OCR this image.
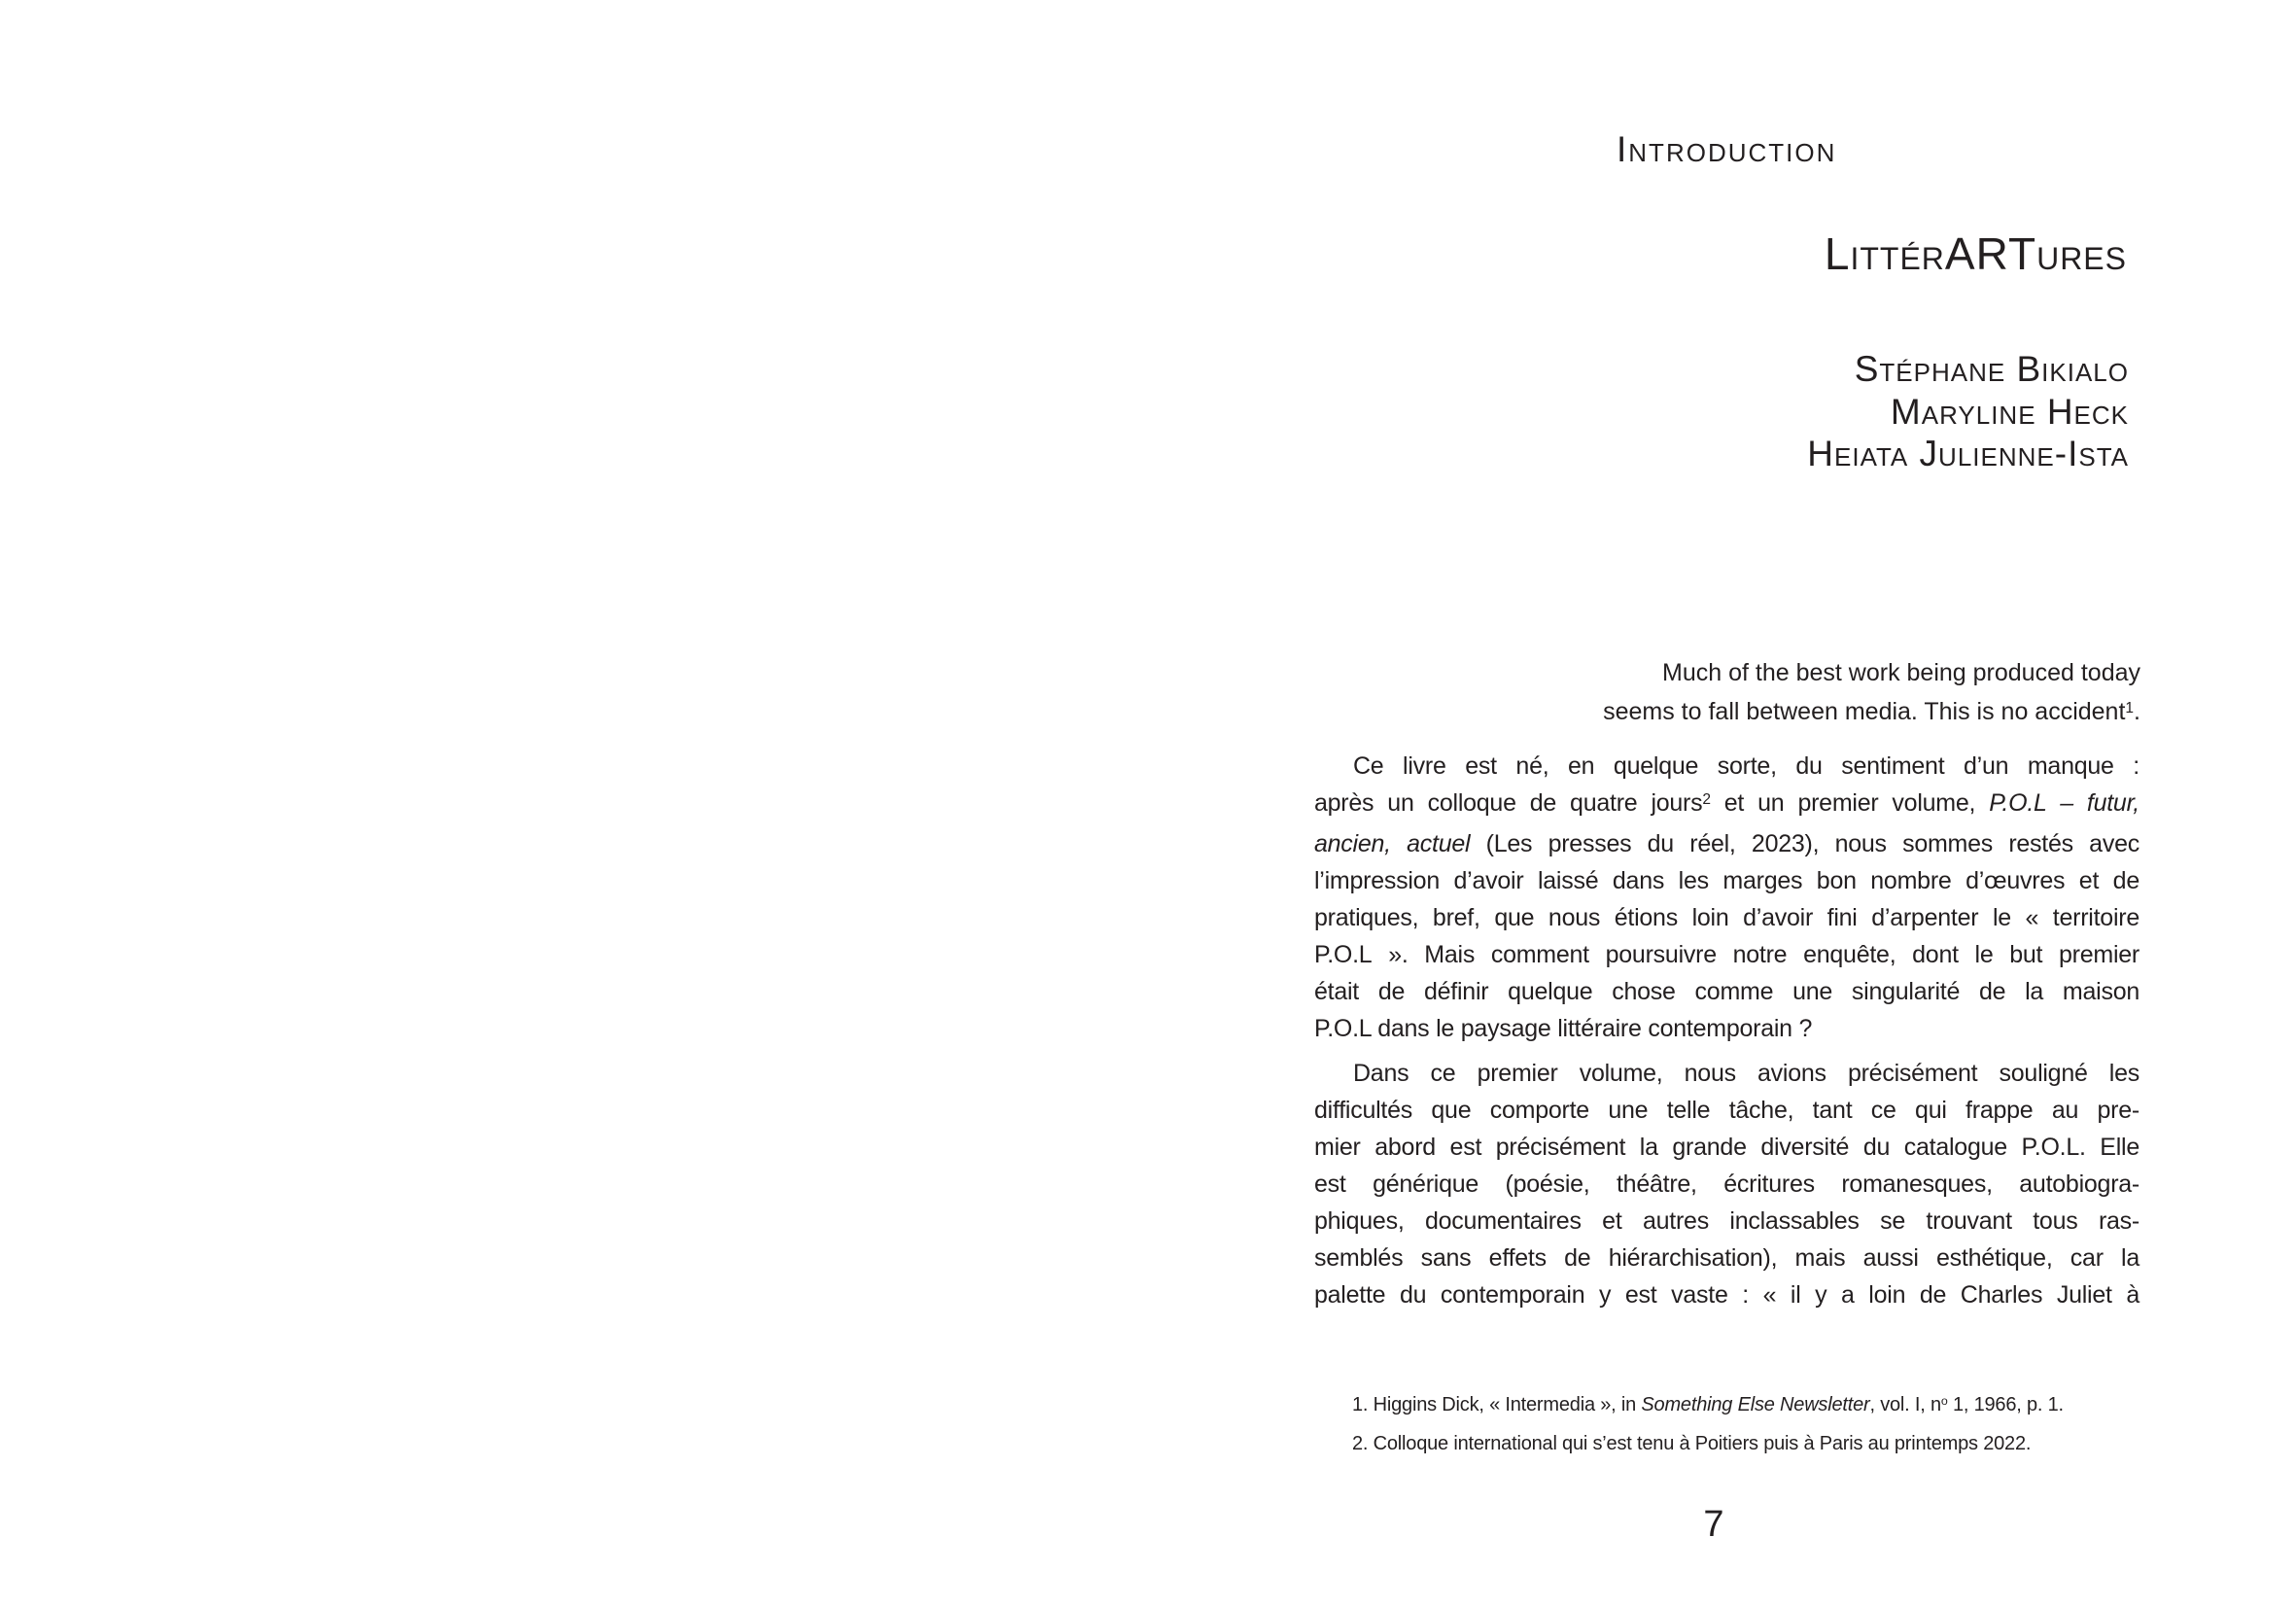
Introduction
LittérARTures
Stéphane Bikialo
Maryline Heck
Heiata Julienne-Ista
Much of the best work being produced today
seems to fall between media. This is no accident$^1$.
Ce livre est né, en quelque sorte, du sentiment d’un manque :
après un colloque de quatre jours$^2$ et un premier volume, P.O.L – futur,
ancien, actuel (Les presses du réel, 2023), nous sommes restés avec
l’impression d’avoir laissé dans les marges bon nombre d’œuvres et de
pratiques, bref, que nous étions loin d’avoir fini d’arpenter le « territoire
P.O.L ». Mais comment poursuivre notre enquête, dont le but premier
était de définir quelque chose comme une singularité de la maison
P.O.L dans le paysage littéraire contemporain ?
Dans ce premier volume, nous avions précisément souligné les
difficultés que comporte une telle tâche, tant ce qui frappe au pre-
mier abord est précisément la grande diversité du catalogue P.O.L. Elle
est générique (poésie, théâtre, écritures romanesques, autobiogra-
phiques, documentaires et autres inclassables se trouvant tous ras-
semblés sans effets de hiérarchisation), mais aussi esthétique, car la
palette du contemporain y est vaste : « il y a loin de Charles Juliet à
1. Higgins Dick, « Intermedia », in Something Else Newsletter, vol. I, $n^o$ 1, 1966, p. 1.
2. Colloque international qui s’est tenu à Poitiers puis à Paris au printemps 2022.
7
